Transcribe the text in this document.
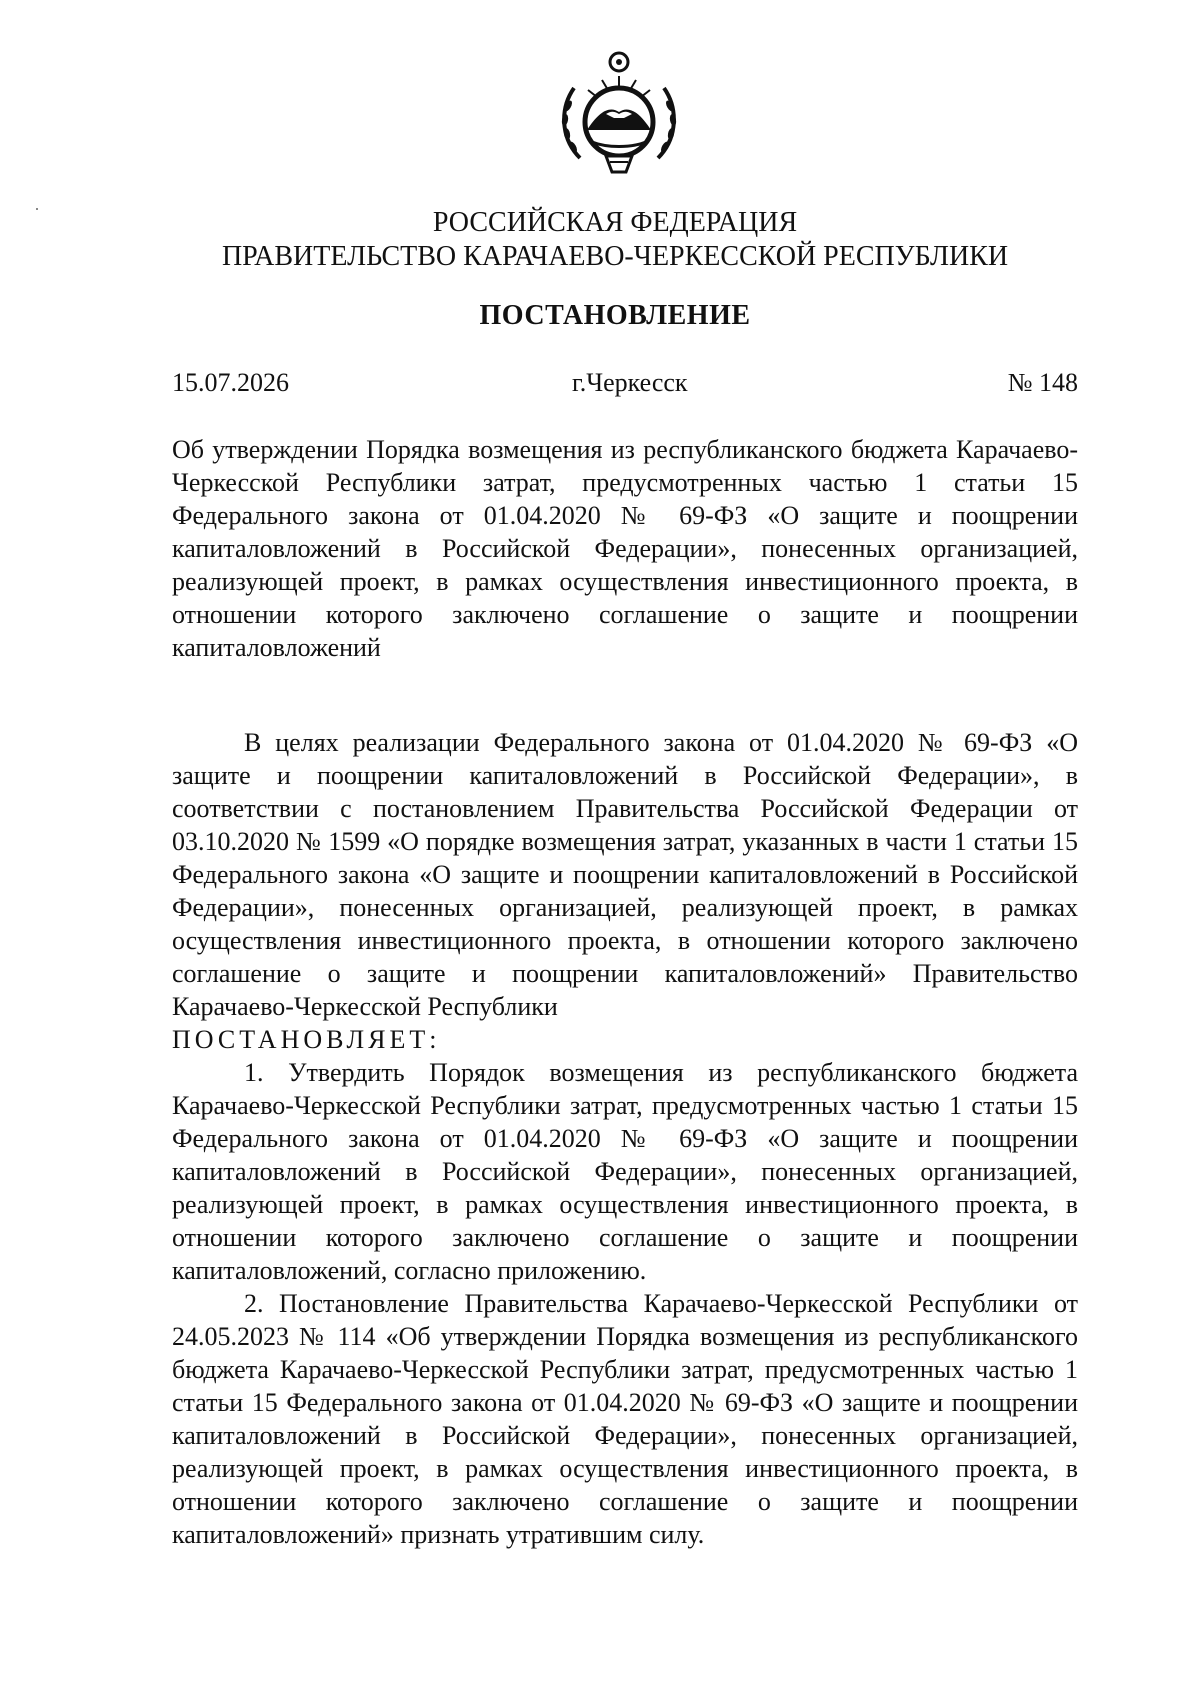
РОССИЙСКАЯ ФЕДЕРАЦИЯ
ПРАВИТЕЛЬСТВО КАРАЧАЕВО-ЧЕРКЕССКОЙ РЕСПУБЛИКИ
ПОСТАНОВЛЕНИЕ
15.07.2026	г.Черкесск	№ 148
Об утверждении Порядка возмещения из республиканского бюджета Карачаево-Черкесской Республики затрат, предусмотренных частью 1 статьи 15 Федерального закона от 01.04.2020 № 69-ФЗ «О защите и поощрении капиталовложений в Российской Федерации», понесенных организацией, реализующей проект, в рамках осуществления инвестиционного проекта, в отношении которого заключено соглашение о защите и поощрении капиталовложений

В целях реализации Федерального закона от 01.04.2020 № 69-ФЗ «О защите и поощрении капиталовложений в Российской Федерации», в соответствии с постановлением Правительства Российской Федерации от 03.10.2020 № 1599 «О порядке возмещения затрат, указанных в части 1 статьи 15 Федерального закона «О защите и поощрении капиталовложений в Российской Федерации», понесенных организацией, реализующей проект, в рамках осуществления инвестиционного проекта, в отношении которого заключено соглашение о защите и поощрении капиталовложений» Правительство Карачаево-Черкесской Республики

ПОСТАНОВЛЯЕТ:

1. Утвердить Порядок возмещения из республиканского бюджета Карачаево-Черкесской Республики затрат, предусмотренных частью 1 статьи 15 Федерального закона от 01.04.2020 № 69-ФЗ «О защите и поощрении капиталовложений в Российской Федерации», понесенных организацией, реализующей проект, в рамках осуществления инвестиционного проекта, в отношении которого заключено соглашение о защите и поощрении капиталовложений, согласно приложению.

2. Постановление Правительства Карачаево-Черкесской Республики от 24.05.2023 № 114 «Об утверждении Порядка возмещения из республиканского бюджета Карачаево-Черкесской Республики затрат, предусмотренных частью 1 статьи 15 Федерального закона от 01.04.2020 № 69-ФЗ «О защите и поощрении капиталовложений в Российской Федерации», понесенных организацией, реализующей проект, в рамках осуществления инвестиционного проекта, в отношении которого заключено соглашение о защите и поощрении капиталовложений» признать утратившим силу.
